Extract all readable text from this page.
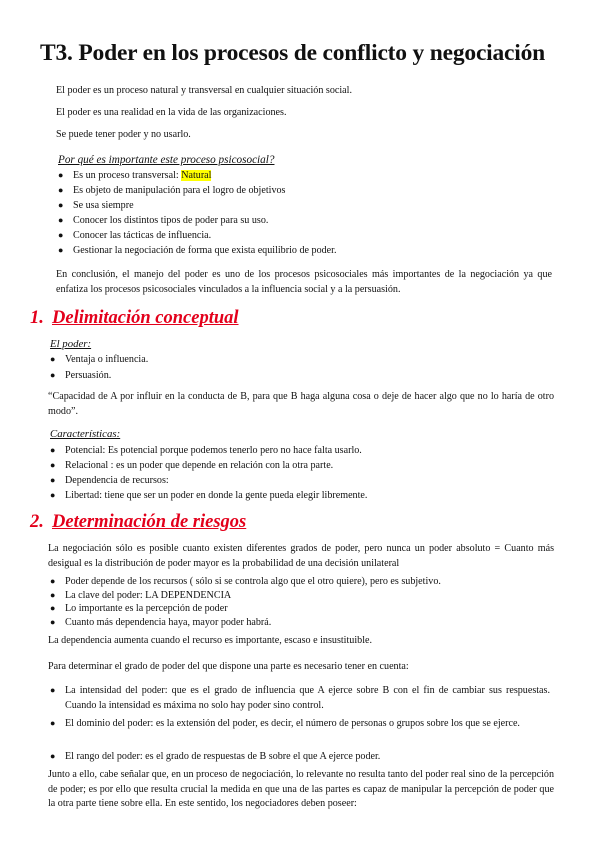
T3. Poder en los procesos de conflicto y negociación

El poder es un proceso natural y transversal en cualquier situación social.

El poder es una realidad en la vida de las organizaciones.

Se puede tener poder y no usarlo.

Por qué es importante este proceso psicosocial?
● Es un proceso transversal: Natural
● Es objeto de manipulación para el logro de objetivos
● Se usa siempre
● Conocer los distintos tipos de poder para su uso.
● Conocer las tácticas de influencia.
● Gestionar la negociación de forma que exista equilibrio de poder.

En conclusión, el manejo del poder es uno de los procesos psicosociales más importantes de la negociación ya que enfatiza los procesos psicosociales vinculados a la influencia social y a la persuasión.

1. Delimitación conceptual
El poder:
● Ventaja o influencia.
● Persuasión.

“Capacidad de A por influir en la conducta de B, para que B haga alguna cosa o deje de hacer algo que no lo haría de otro modo”.

Características:
● Potencial: Es potencial porque podemos tenerlo pero no hace falta usarlo.
● Relacional : es un poder que depende en relación con la otra parte.
● Dependencia de recursos:
● Libertad: tiene que ser un poder en donde la gente pueda elegir libremente.
2. Determinación de riesgos

La negociación sólo es posible cuanto existen diferentes grados de poder, pero nunca un poder absoluto = Cuanto más desigual es la distribución de poder mayor es la probabilidad de una decisión unilateral

● Poder depende de los recursos ( sólo si se controla algo que el otro quiere), pero es subjetivo.
● La clave del poder: LA DEPENDENCIA
● Lo importante es la percepción de poder
● Cuanto más dependencia haya, mayor poder habrá.

La dependencia aumenta cuando el recurso es importante, escaso e insustituible.

Para determinar el grado de poder del que dispone una parte es necesario tener en cuenta:

● La intensidad del poder: que es el grado de influencia que A ejerce sobre B con el fin de cambiar sus respuestas. Cuando la intensidad es máxima no solo hay poder sino control.
● El dominio del poder: es la extensión del poder, es decir, el número de personas o grupos sobre los que se ejerce.
● El rango del poder: es el grado de respuestas de B sobre el que A ejerce poder.

Junto a ello, cabe señalar que, en un proceso de negociación, lo relevante no resulta tanto del poder real sino de la percepción de poder; es por ello que resulta crucial la medida en que una de las partes es capaz de manipular la percepción de poder que la otra parte tiene sobre ella. En este sentido, los negociadores deben poseer:
